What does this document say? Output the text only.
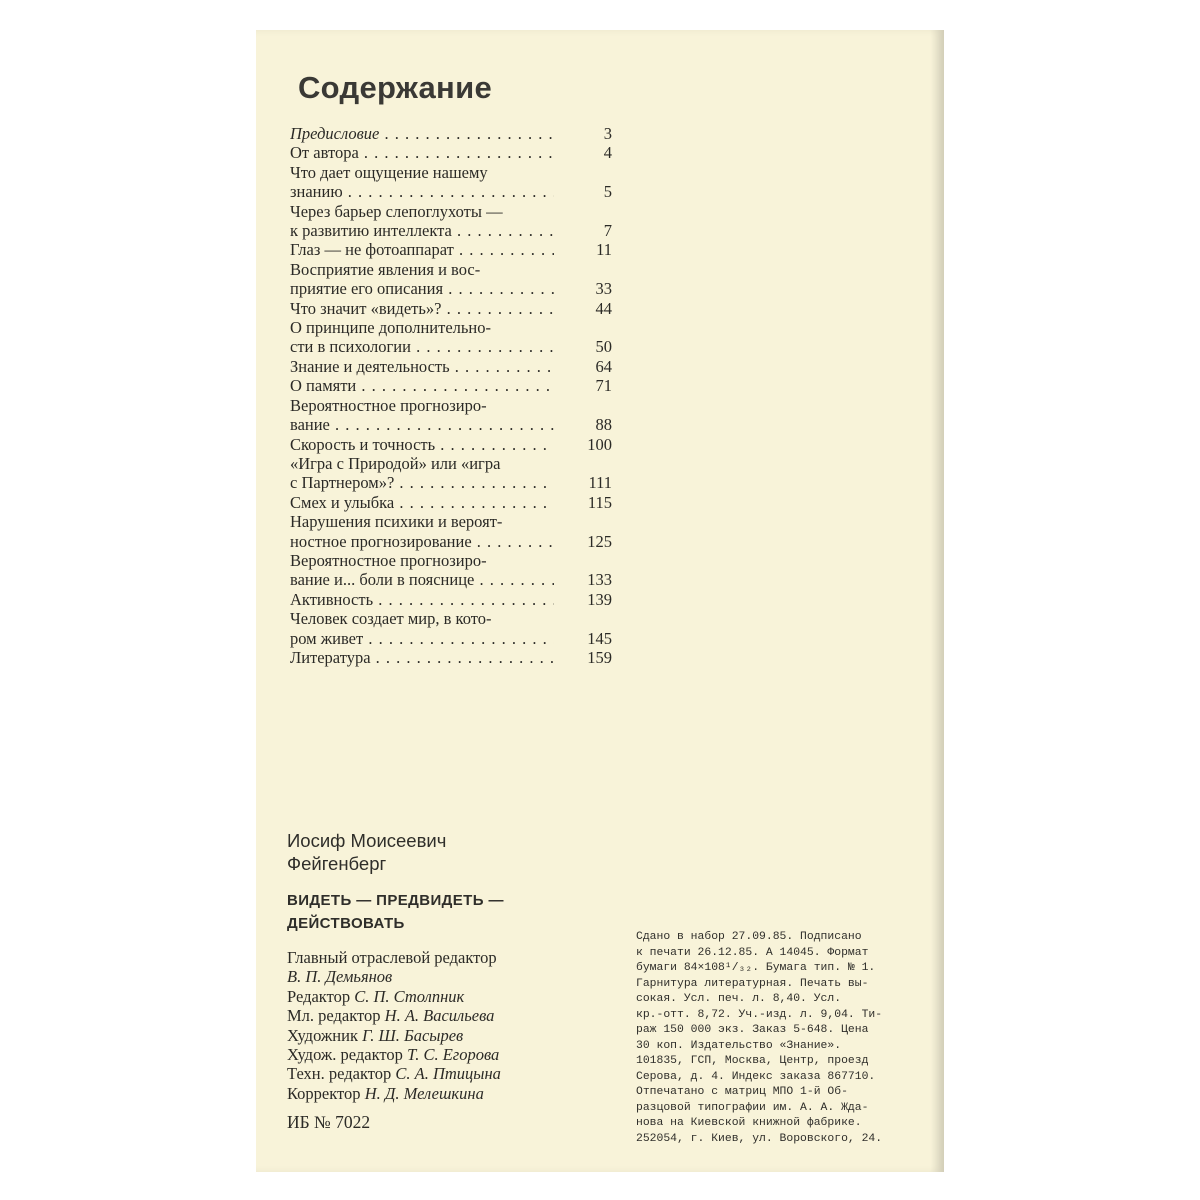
Содержание
Предисловие . . .	3
От автора . . .	4
Что дает ощущение нашему
знанию . . .	5
Через барьер слепоглухоты —
к развитию интеллекта . . .	7
Глаз — не фотоаппарат . . .	11
Восприятие явления и вос-
приятие его описания . . .	33
Что значит «видеть»? . . .	44
О принципе дополнительно-
сти в психологии . . .	50
Знание и деятельность . . .	64
О памяти . . .	71
Вероятностное прогнозиро-
вание . . .	88
Скорость и точность . . .	100
«Игра с Природой» или «игра
с Партнером»? . . .	111
Смех и улыбка . . .	115
Нарушения психики и вероят-
ностное прогнозирование . . .	125
Вероятностное прогнозиро-
вание и... боли в пояснице . . .	133
Активность . . .	139
Человек создает мир, в кото-
ром живет . . .	145
Литература . . .	159
Иосиф Моисеевич
Фейгенберг
ВИДЕТЬ — ПРЕДВИДЕТЬ —
ДЕЙСТВОВАТЬ
Главный отраслевой редактор
В. П. Демьянов
Редактор С. П. Столпник
Мл. редактор Н. А. Васильева
Художник Г. Ш. Басырев
Худож. редактор Т. С. Егорова
Техн. редактор С. А. Птицына
Корректор Н. Д. Мелешкина
ИБ № 7022
Сдано в набор 27.09.85. Подписано
к печати 26.12.85. А 14045. Формат
бумаги 84×108¹/₃₂. Бумага тип. № 1.
Гарнитура литературная. Печать вы-
сокая. Усл. печ. л. 8,40. Усл.
кр.-отт. 8,72. Уч.-изд. л. 9,04. Ти-
раж 150 000 экз. Заказ 5-648. Цена
30 коп. Издательство «Знание».
101835, ГСП, Москва, Центр, проезд
Серова, д. 4. Индекс заказа 867710.
Отпечатано с матриц МПО 1-й Об-
разцовой типографии им. А. А. Жда-
нова на Киевской книжной фабрике.
252054, г. Киев, ул. Воровского, 24.
